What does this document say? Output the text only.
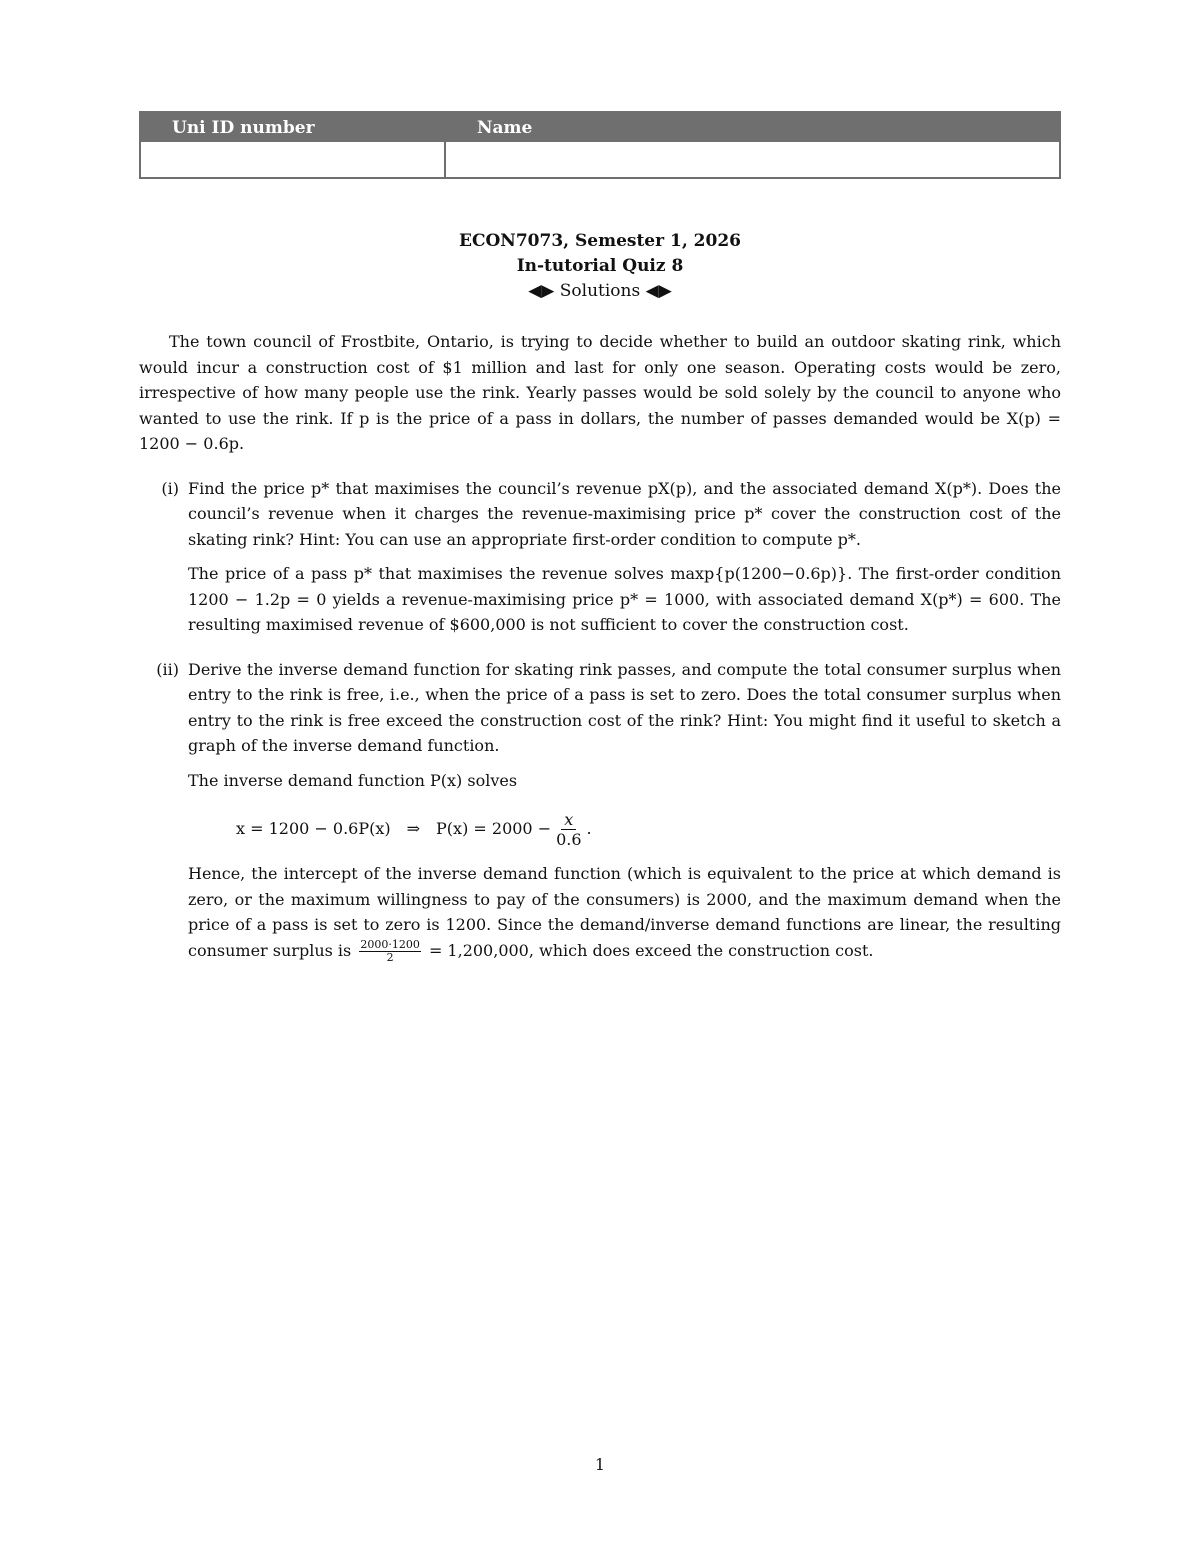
Uni ID number	Name
ECON7073, Semester 1, 2026
In-tutorial Quiz 8
◀▶ Solutions ◀▶

The town council of Frostbite, Ontario, is trying to decide whether to build an outdoor skating rink, which would incur a construction cost of $1 million and last for only one season. Operating costs would be zero, irrespective of how many people use the rink. Yearly passes would be sold solely by the council to anyone who wanted to use the rink. If p is the price of a pass in dollars, the number of passes demanded would be X(p) = 1200 − 0.6p.

(i) Find the price p* that maximises the council’s revenue pX(p), and the associated demand X(p*). Does the council’s revenue when it charges the revenue-maximising price p* cover the construction cost of the skating rink? Hint: You can use an appropriate first-order condition to compute p*.

The price of a pass p* that maximises the revenue solves maxp{p(1200−0.6p)}. The first-order condition 1200 − 1.2p = 0 yields a revenue-maximising price p* = 1000, with associated demand X(p*) = 600. The resulting maximised revenue of $600,000 is not sufficient to cover the construction cost.

(ii) Derive the inverse demand function for skating rink passes, and compute the total consumer surplus when entry to the rink is free, i.e., when the price of a pass is set to zero. Does the total consumer surplus when entry to the rink is free exceed the construction cost of the rink? Hint: You might find it useful to sketch a graph of the inverse demand function.

The inverse demand function P(x) solves

x = 1200 − 0.6P(x) ⇒ $P(x) = 2000 - \frac{x}{0.6}$ .

Hence, the intercept of the inverse demand function (which is equivalent to the price at which demand is zero, or the maximum willingness to pay of the consumers) is 2000, and the maximum demand when the price of a pass is set to zero is 1200. Since the demand/inverse demand functions are linear, the resulting consumer surplus is $\frac{2000\cdot 1200}{2} = 1,200,000$, which does exceed the construction cost.

1
